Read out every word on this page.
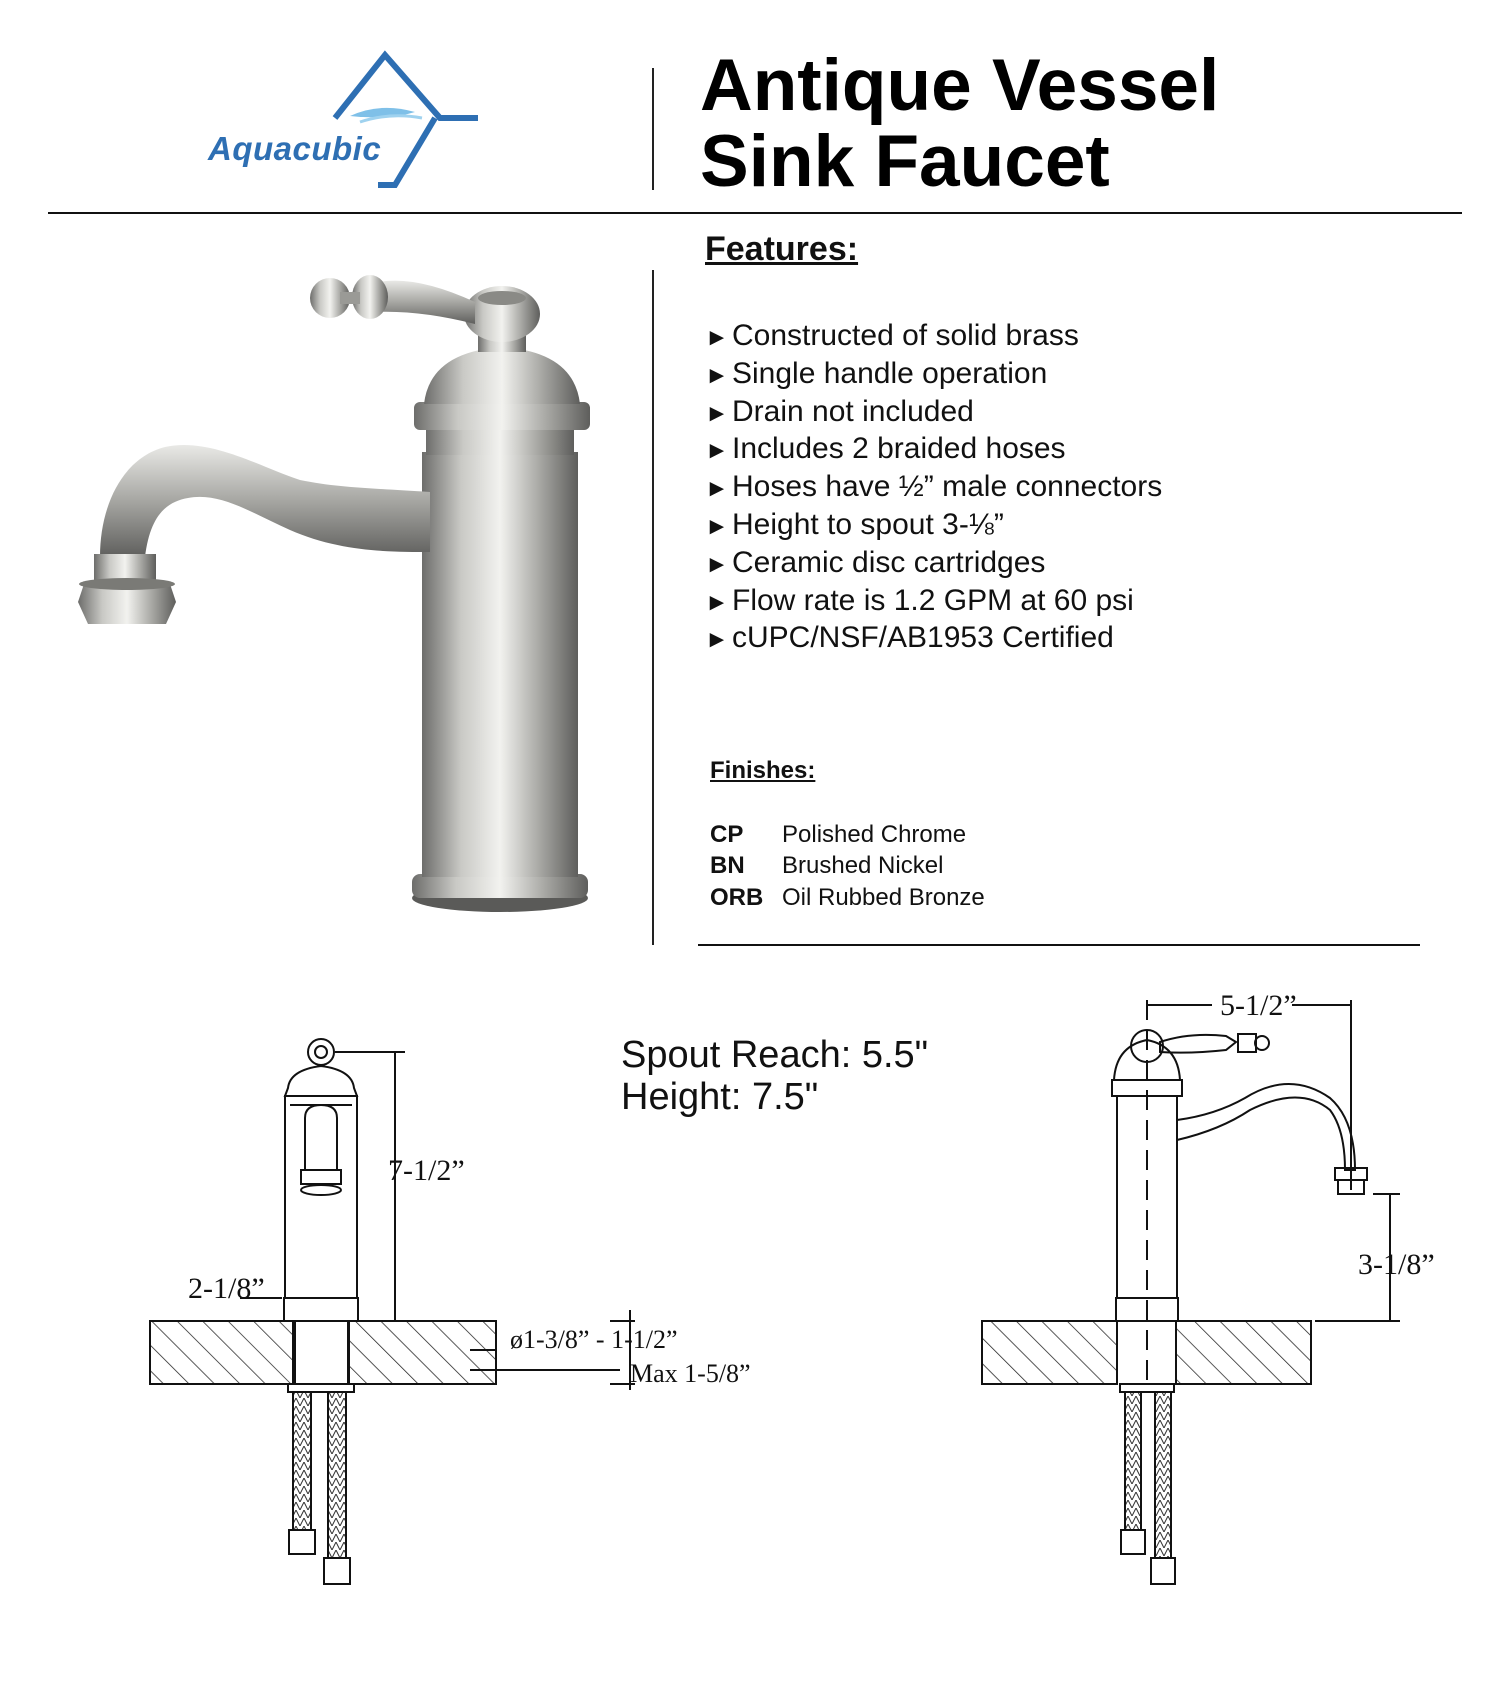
Aquacubic
Antique Vessel
Sink Faucet
Features:
► Constructed of solid brass
► Single handle operation
► Drain not included
► Includes 2 braided hoses
► Hoses have ½” male connectors
► Height to spout 3-⅛”
► Ceramic disc cartridges
► Flow rate is 1.2 GPM at 60 psi
► cUPC/NSF/AB1953 Certified
Finishes:
CP Polished Chrome
BN Brushed Nickel
ORB Oil Rubbed Bronze
Spout Reach: 5.5"
Height: 7.5"
7-1/2”
2-1/8”
ø1-3/8” - 1-1/2”
Max 1-5/8”
5-1/2”
3-1/8”
